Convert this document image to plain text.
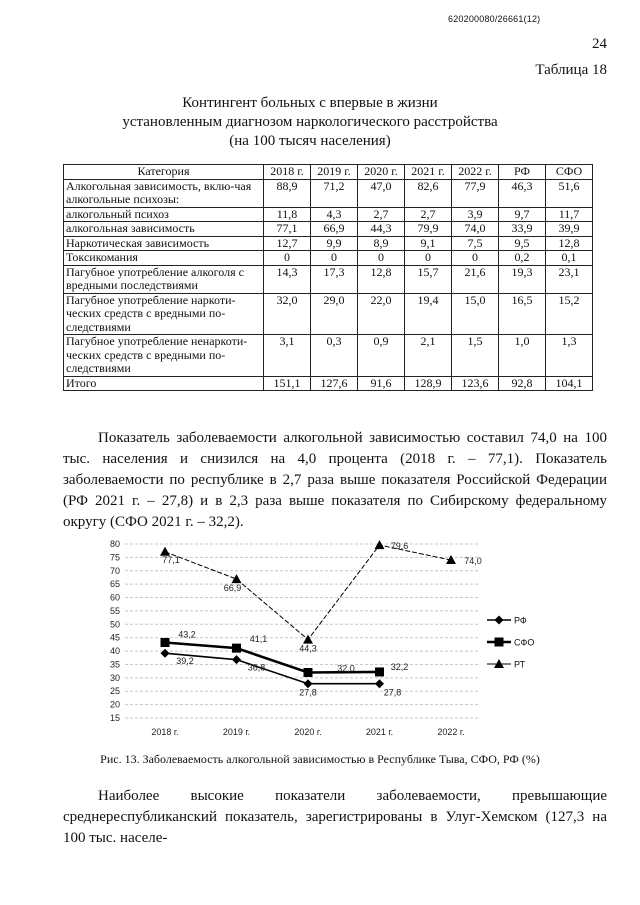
620200080/26661(12)
24
Таблица 18
Контингент больных с впервые в жизни
установленным диагнозом наркологического расстройства
(на 100 тысяч населения)
Категория	2018 г.	2019 г.	2020 г.	2021 г.	2022 г.	РФ	СФО
Алкогольная зависимость, вклю-чая алкогольные психозы:	88,9	71,2	47,0	82,6	77,9	46,3	51,6
алкогольный психоз	11,8	4,3	2,7	2,7	3,9	9,7	11,7
алкогольная зависимость	77,1	66,9	44,3	79,9	74,0	33,9	39,9
Наркотическая зависимость	12,7	9,9	8,9	9,1	7,5	9,5	12,8
Токсикомания	0	0	0	0	0	0,2	0,1
Пагубное употребление алкоголя с вредными последствиями	14,3	17,3	12,8	15,7	21,6	19,3	23,1
Пагубное употребление наркоти-ческих средств с вредными по-следствиями	32,0	29,0	22,0	19,4	15,0	16,5	15,2
Пагубное употребление ненаркоти-ческих средств с вредными по-следствиями	3,1	0,3	0,9	2,1	1,5	1,0	1,3
Итого	151,1	127,6	91,6	128,9	123,6	92,8	104,1

Показатель заболеваемости алкогольной зависимостью составил 74,0 на 100 тыс. населения и снизился на 4,0 процента (2018 г. – 77,1). Показатель заболеваемости по республике в 2,7 раза выше показателя Российской Федерации (РФ 2021 г. – 27,8) и в 2,3 раза выше показателя по Сибирскому федеральному округу (СФО 2021 г. – 32,2).

15
20
25
30
35
40
45
50
55
60
65
70
75
80
2018 г.	2019 г.	2020 г.	2021 г.	2022 г.
39,2
36,8
27,8	27,8
43,2	41,1
32,0	32,2
77,1
66,9
44,3
79,6
74,0
РФ
СФО
РТ
Рис. 13. Заболеваемость алкогольной зависимостью в Республике Тыва, СФО, РФ (%)

Наиболее высокие показатели заболеваемости, превышающие среднереспубликанский показатель, зарегистрированы в Улуг-Хемском (127,3 на 100 тыс. населе-
